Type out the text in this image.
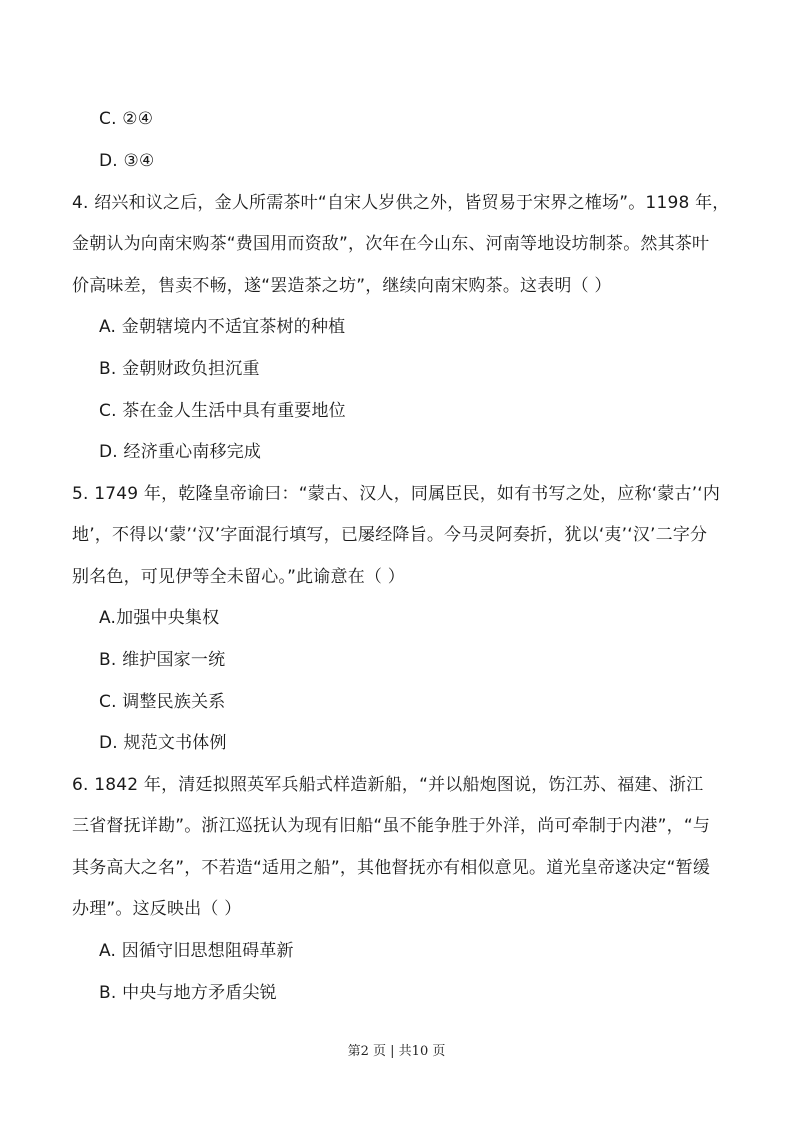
C. ②④
D. ③④
4. 绍兴和议之后，金人所需茶叶“自宋人岁供之外，皆贸易于宋界之榷场”。1198 年，
金朝认为向南宋购茶“费国用而资敌”，次年在今山东、河南等地设坊制茶。然其茶叶
价高味差，售卖不畅，遂“罢造茶之坊”，继续向南宋购茶。这表明（ ）
A. 金朝辖境内不适宜茶树的种植
B. 金朝财政负担沉重
C. 茶在金人生活中具有重要地位
D. 经济重心南移完成
5. 1749 年，乾隆皇帝谕曰：“蒙古、汉人，同属臣民，如有书写之处，应称‘蒙古’‘内
地’，不得以‘蒙’‘汉’字面混行填写，已屡经降旨。今马灵阿奏折，犹以‘夷’‘汉’二字分
别名色，可见伊等全未留心。”此谕意在（ ）
A.加强中央集权
B. 维护国家一统
C. 调整民族关系
D. 规范文书体例
6. 1842 年，清廷拟照英军兵船式样造新船，“并以船炮图说，饬江苏、福建、浙江
三省督抚详勘”。浙江巡抚认为现有旧船“虽不能争胜于外洋，尚可牵制于内港”，“与
其务高大之名”，不若造“适用之船”，其他督抚亦有相似意见。道光皇帝遂决定“暂缓
办理”。这反映出（ ）
A. 因循守旧思想阻碍革新
B. 中央与地方矛盾尖锐
第2 页 | 共10 页
